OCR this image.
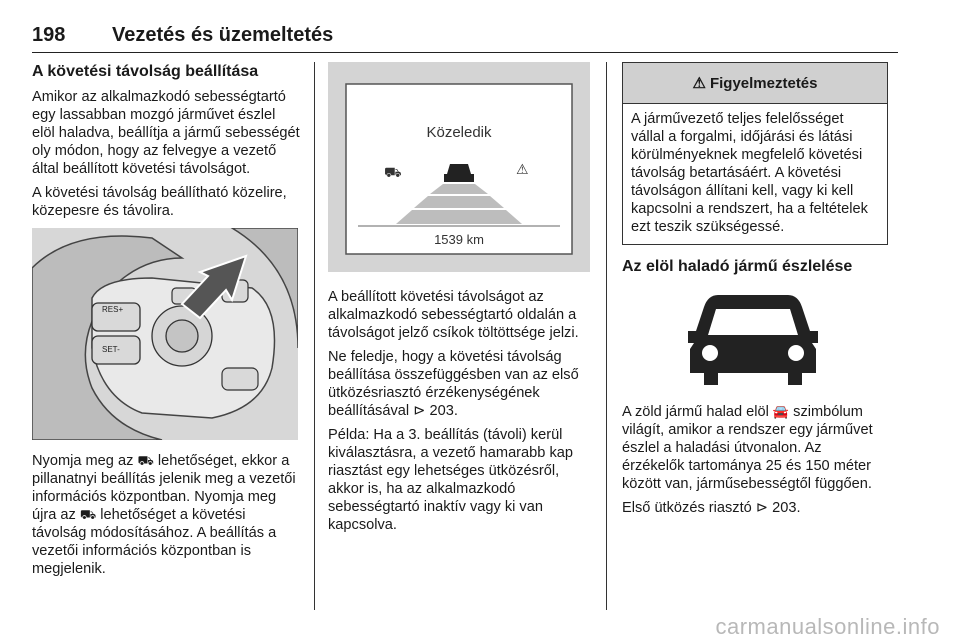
198 Vezetés és üzemeltetés
A követési távolság beállítása

Amikor az alkalmazkodó sebességtartó egy lassabban mozgó járművet észlel elöl haladva, beállítja a jármű sebességét oly módon, hogy az felvegye a vezető által beállított követési távolságot.

A követési távolság beállítható közelire, közepesre és távolira.

RES+
SET-

Nyomja meg az ⛟ lehetőséget, ekkor a pillanatnyi beállítás jelenik meg a vezetői információs központban. Nyomja meg újra az ⛟ lehetőséget a követési távolság módosításához. A beállítás a vezetői információs központban is megjelenik.

Közeledik
⛟	⚠
1539 km

A beállított követési távolságot az alkalmazkodó sebességtartó oldalán a távolságot jelző csíkok töltöttsége jelzi.

Ne feledje, hogy a követési távolság beállítása összefüggésben van az első ütközésriasztó érzékenységének beállításával ⊳ 203.

Példa: Ha a 3. beállítás (távoli) kerül kiválasztásra, a vezető hamarabb kap riasztást egy lehetséges ütközésről, akkor is, ha az alkalmazkodó sebességtartó inaktív vagy ki van kapcsolva.

⚠ Figyelmeztetés
A járművezető teljes felelősséget vállal a forgalmi, időjárási és látási körülményeknek megfelelő követési távolság betartásáért. A követési távolságon állítani kell, vagy ki kell kapcsolni a rendszert, ha a feltételek ezt teszik szükségessé.
Az elöl haladó jármű észlelése

A zöld jármű halad elöl 🚘 szimbólum világít, amikor a rendszer egy járművet észlel a haladási útvonalon. Az érzékelők tartománya 25 és 150 méter között van, járműsebességtől függően.

Első ütközés riasztó ⊳ 203.

carmanualsonline.info
